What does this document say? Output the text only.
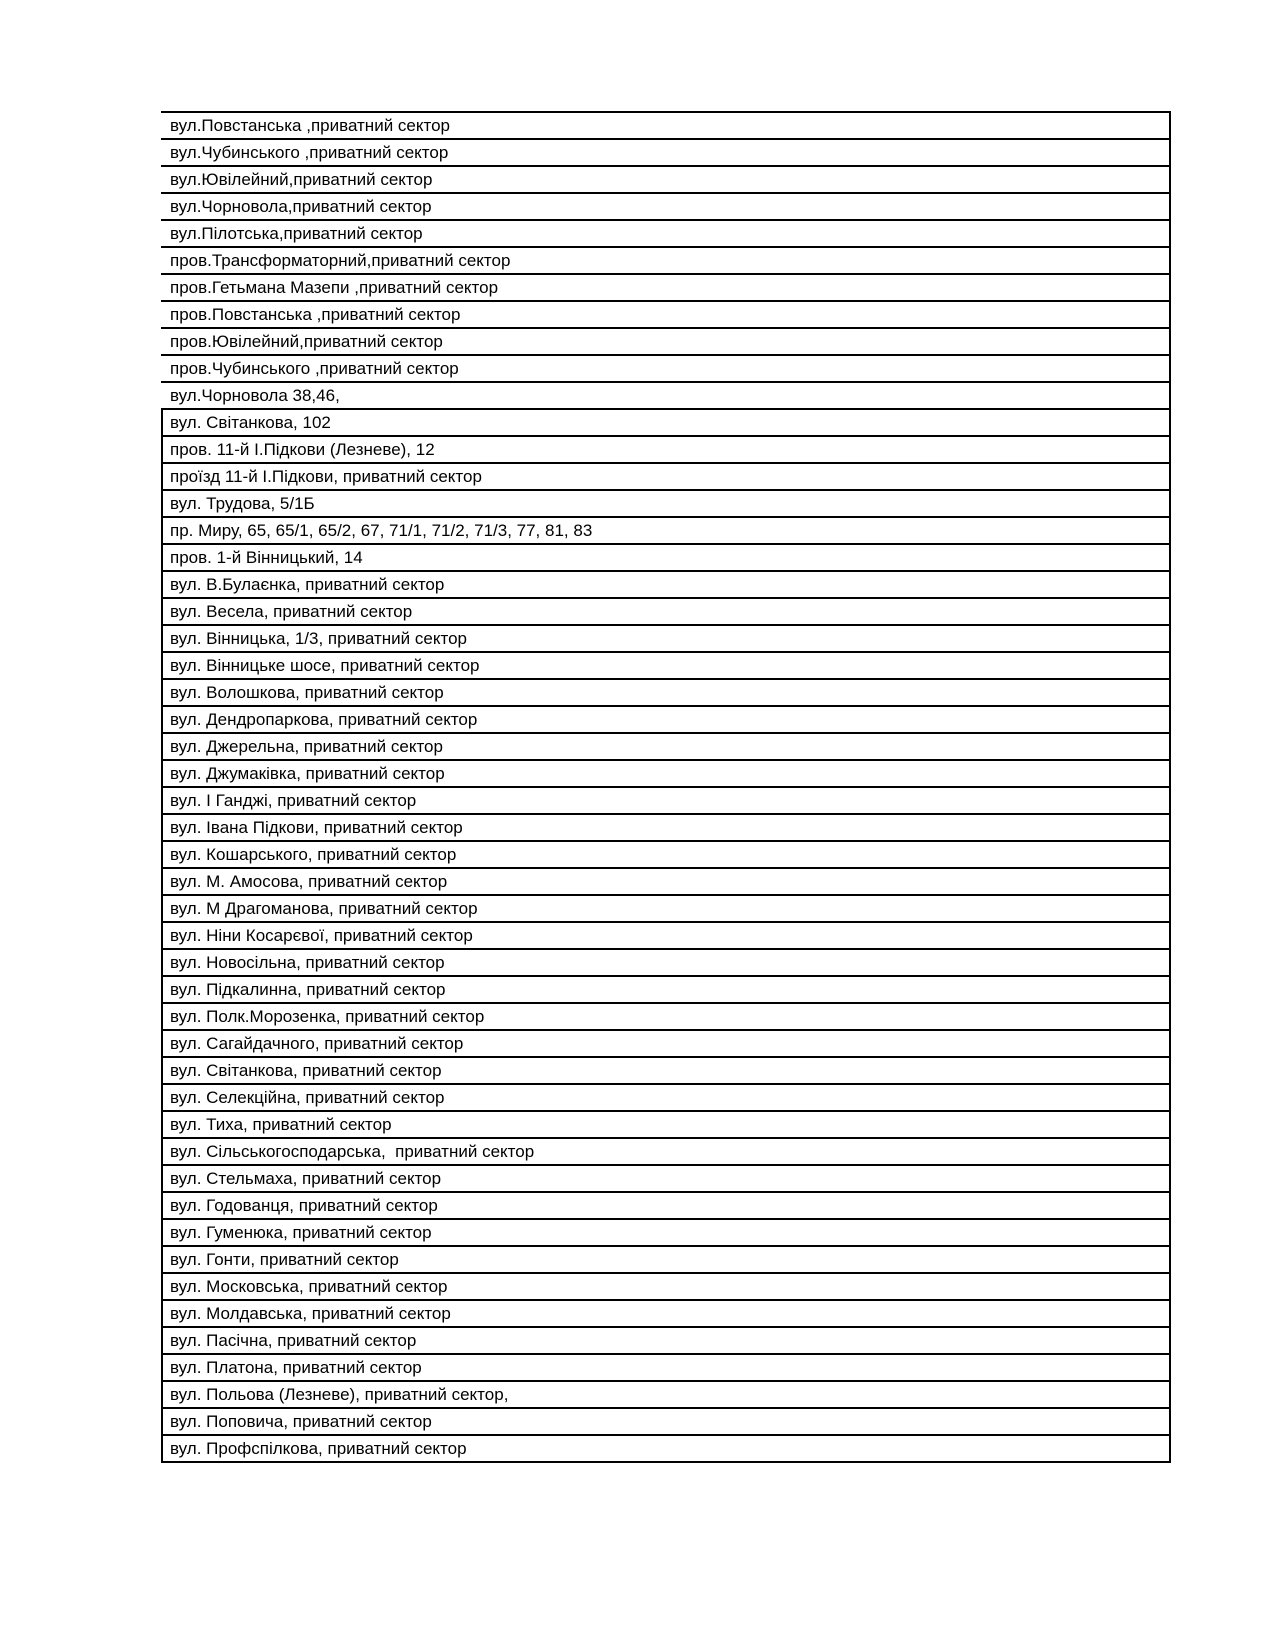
вул.Повстанська ,приватний сектор
вул.Чубинського ,приватний сектор
вул.Ювілейний,приватний сектор
вул.Чорновола,приватний сектор
вул.Пілотська,приватний сектор
пров.Трансформаторний,приватний сектор
пров.Гетьмана Мазепи ,приватний сектор
пров.Повстанська ,приватний сектор
пров.Ювілейний,приватний сектор
пров.Чубинського ,приватний сектор
вул.Чорновола 38,46,
вул. Світанкова, 102
пров. 11-й І.Підкови (Лезневе), 12
проїзд 11-й І.Підкови, приватний сектор
вул. Трудова, 5/1Б
пр. Миру, 65, 65/1, 65/2, 67, 71/1, 71/2, 71/3, 77, 81, 83
пров. 1-й Вінницький, 14
вул. В.Булаєнка, приватний сектор
вул. Весела, приватний сектор
вул. Вінницька, 1/3, приватний сектор
вул. Вінницьке шосе, приватний сектор
вул. Волошкова, приватний сектор
вул. Дендропаркова, приватний сектор
вул. Джерельна, приватний сектор
вул. Джумаківка, приватний сектор
вул. І Ганджі, приватний сектор
вул. Івана Підкови, приватний сектор
вул. Кошарського, приватний сектор
вул. М. Амосова, приватний сектор
вул. М Драгоманова, приватний сектор
вул. Ніни Косарєвої, приватний сектор
вул. Новосільна, приватний сектор
вул. Підкалинна, приватний сектор
вул. Полк.Морозенка, приватний сектор
вул. Сагайдачного, приватний сектор
вул. Світанкова, приватний сектор
вул. Селекційна, приватний сектор
вул. Тиха, приватний сектор
вул. Сільськогосподарська,  приватний сектор
вул. Стельмаха, приватний сектор
вул. Годованця, приватний сектор
вул. Гуменюка, приватний сектор
вул. Гонти, приватний сектор
вул. Московська, приватний сектор
вул. Молдавська, приватний сектор
вул. Пасічна, приватний сектор
вул. Платона, приватний сектор
вул. Польова (Лезневе), приватний сектор,
вул. Поповича, приватний сектор
вул. Профспілкова, приватний сектор
